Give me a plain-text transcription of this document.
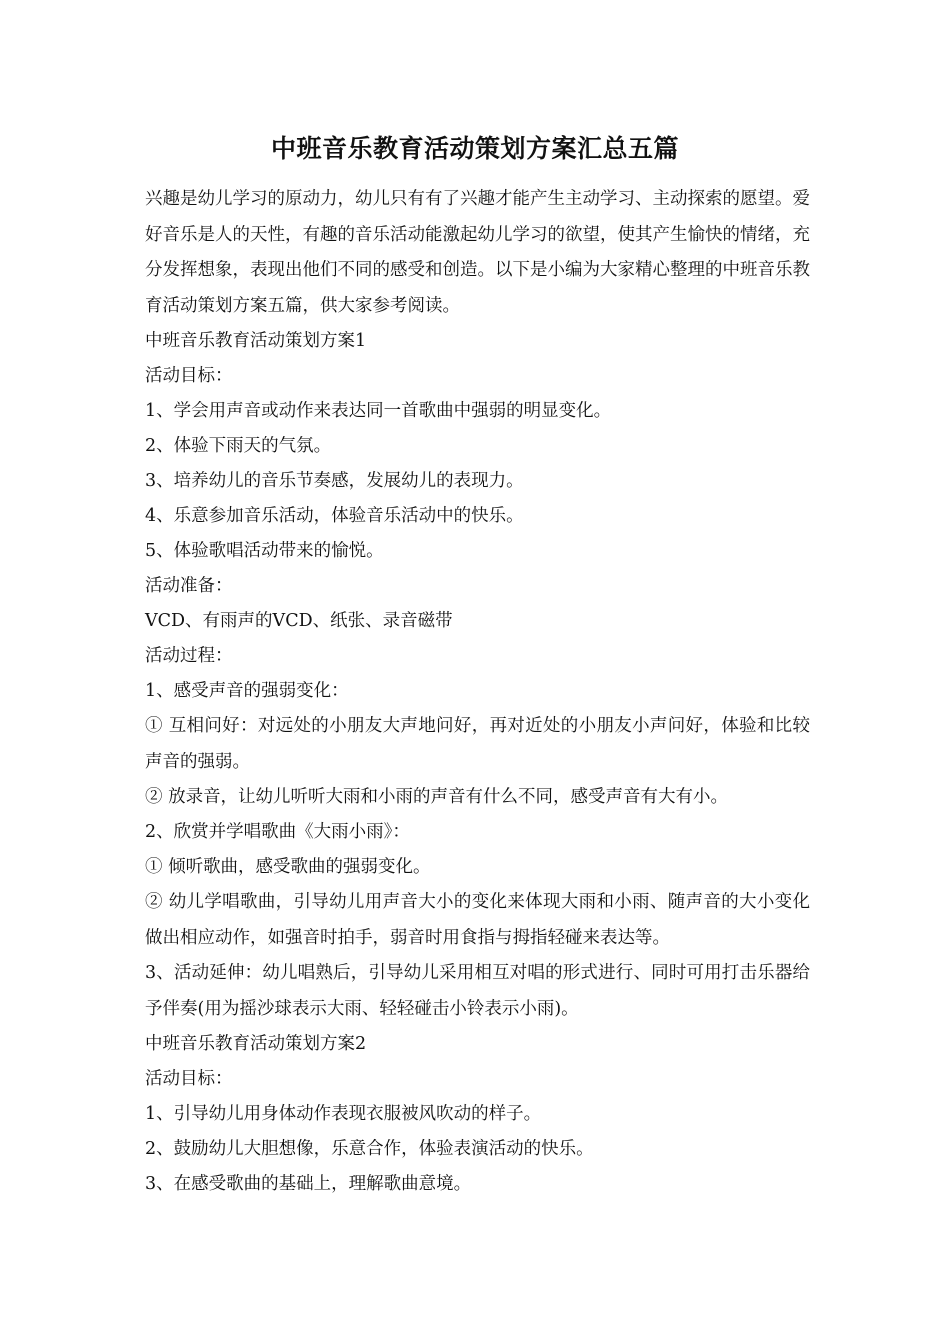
中班音乐教育活动策划方案汇总五篇

兴趣是幼儿学习的原动力，幼儿只有有了兴趣才能产生主动学习、主动探索的愿望。爱好音乐是人的天性，有趣的音乐活动能激起幼儿学习的欲望，使其产生愉快的情绪，充分发挥想象，表现出他们不同的感受和创造。以下是小编为大家精心整理的中班音乐教育活动策划方案五篇，供大家参考阅读。

中班音乐教育活动策划方案1

活动目标：

1、学会用声音或动作来表达同一首歌曲中强弱的明显变化。

2、体验下雨天的气氛。

3、培养幼儿的音乐节奏感，发展幼儿的表现力。

4、乐意参加音乐活动，体验音乐活动中的快乐。

5、体验歌唱活动带来的愉悦。

活动准备：

VCD、有雨声的VCD、纸张、录音磁带

活动过程：

1、感受声音的强弱变化：

① 互相问好：对远处的小朋友大声地问好，再对近处的小朋友小声问好，体验和比较声音的强弱。

② 放录音，让幼儿听听大雨和小雨的声音有什么不同，感受声音有大有小。

2、欣赏并学唱歌曲《大雨小雨》：

① 倾听歌曲，感受歌曲的强弱变化。

② 幼儿学唱歌曲，引导幼儿用声音大小的变化来体现大雨和小雨、随声音的大小变化做出相应动作，如强音时拍手，弱音时用食指与拇指轻碰来表达等。

3、活动延伸：幼儿唱熟后，引导幼儿采用相互对唱的形式进行、同时可用打击乐器给予伴奏(用为摇沙球表示大雨、轻轻碰击小铃表示小雨)。

中班音乐教育活动策划方案2

活动目标：

1、引导幼儿用身体动作表现衣服被风吹动的样子。

2、鼓励幼儿大胆想像，乐意合作，体验表演活动的快乐。

3、在感受歌曲的基础上，理解歌曲意境。
